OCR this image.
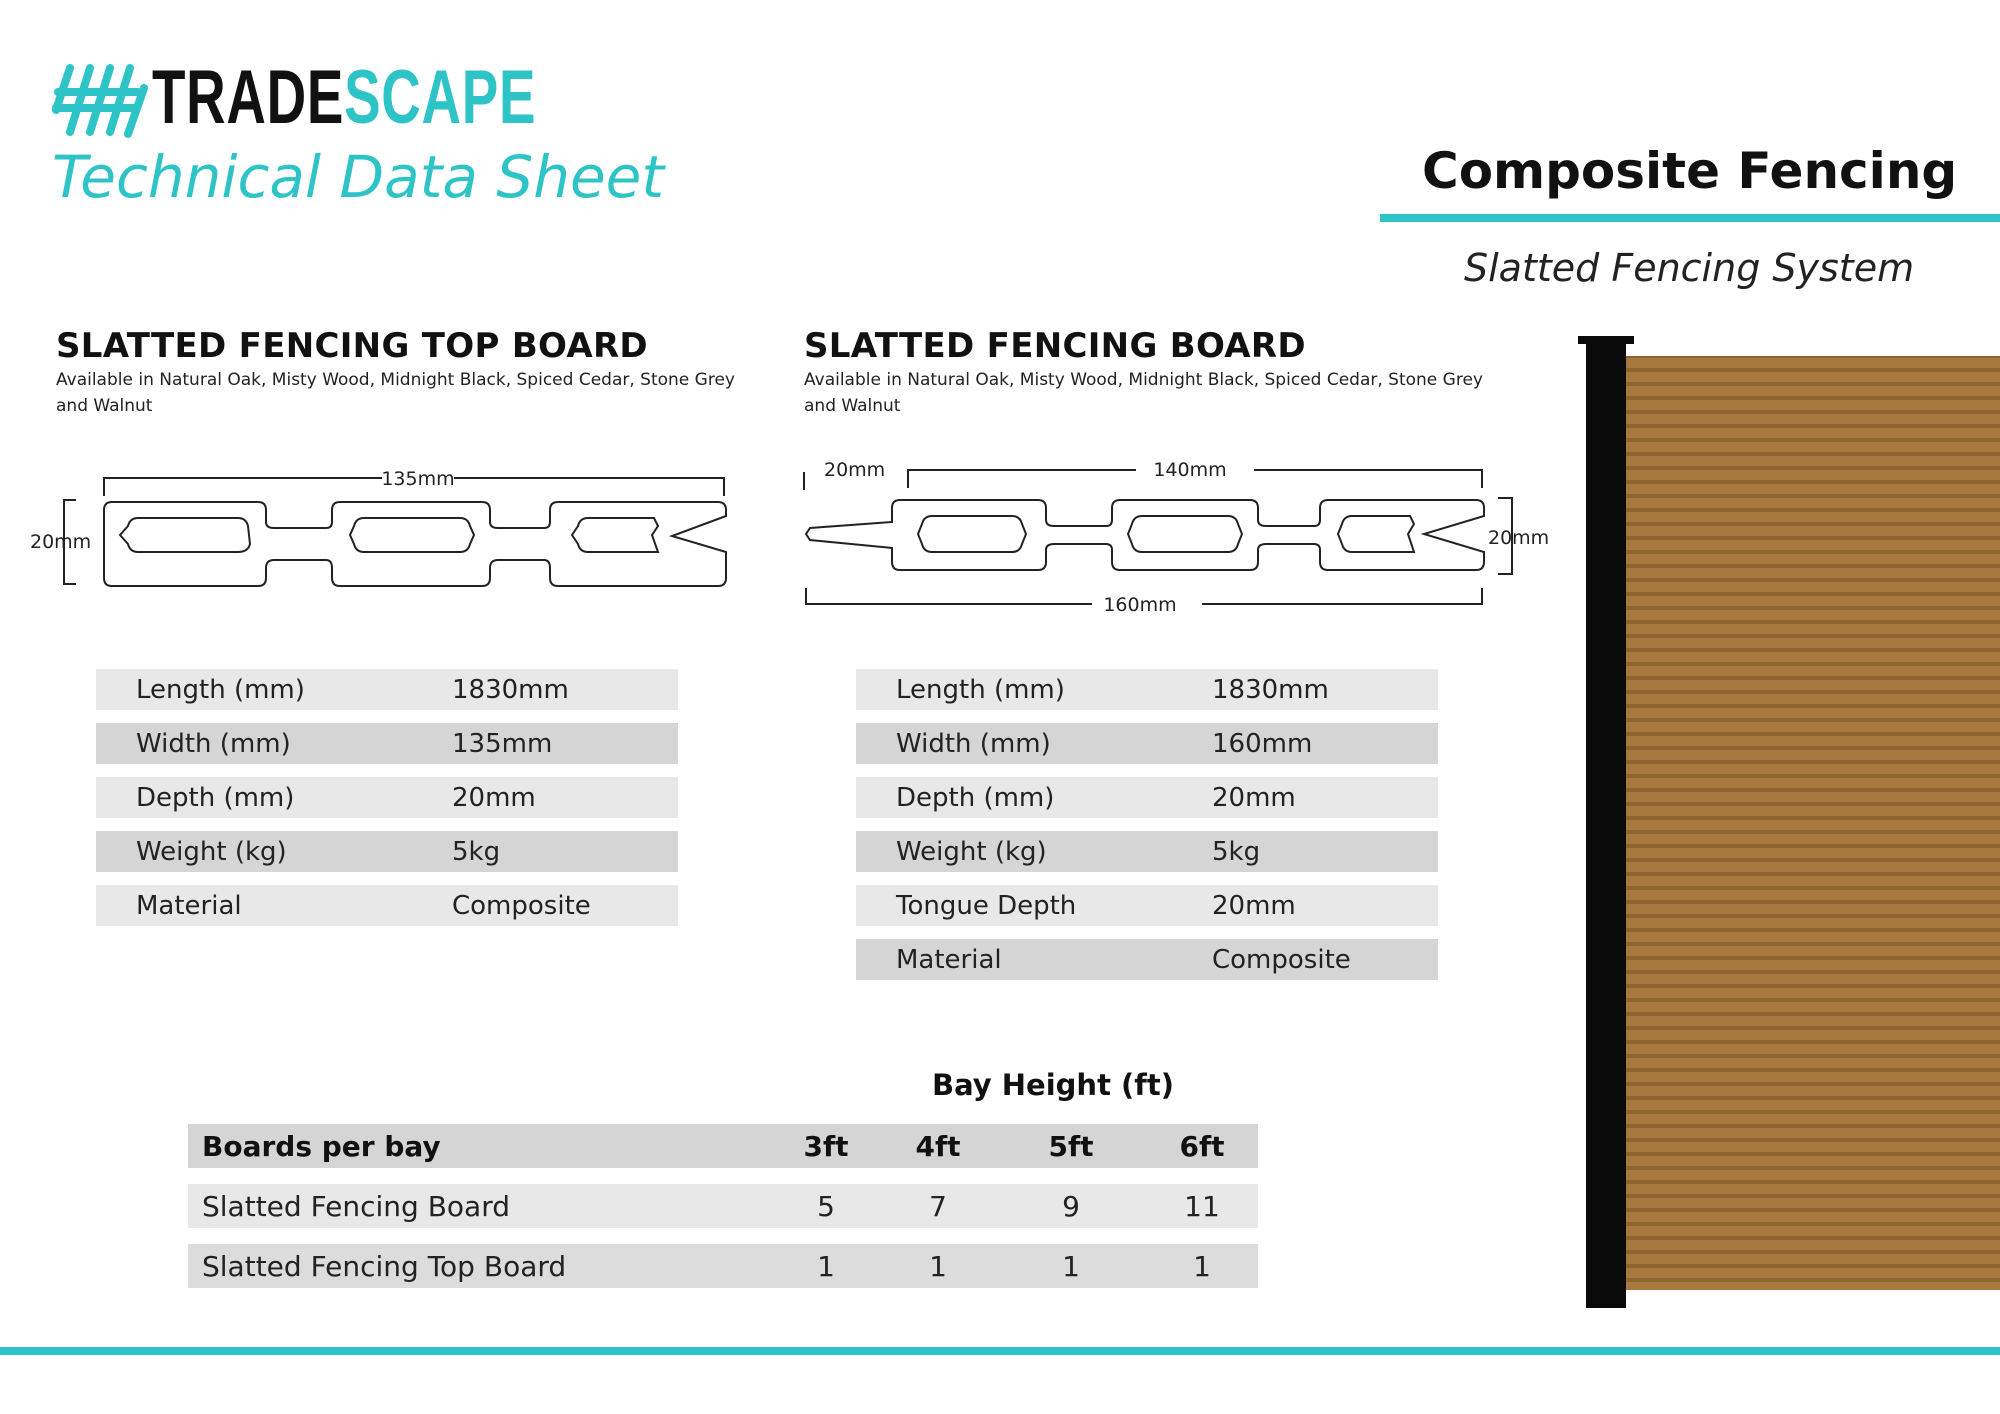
TRADESCAPE
Technical Data Sheet	Composite Fencing
Slatted Fencing System
SLATTED FENCING TOP BOARD
Available in Natural Oak, Misty Wood, Midnight Black, Spiced Cedar, Stone Grey and Walnut
135mm
20mm
Length (mm)	1830mm
Width (mm)	135mm
Depth (mm)	20mm
Weight (kg)	5kg
Material	Composite
SLATTED FENCING BOARD
Available in Natural Oak, Misty Wood, Midnight Black, Spiced Cedar, Stone Grey and Walnut
20mm	140mm
20mm
160mm
Length (mm)	1830mm
Width (mm)	160mm
Depth (mm)	20mm
Weight (kg)	5kg
Tongue Depth	20mm
Material	Composite
Bay Height (ft)
Boards per bay	3ft	4ft	5ft	6ft
Slatted Fencing Board	5	7	9	11
Slatted Fencing Top Board	1	1	1	1
